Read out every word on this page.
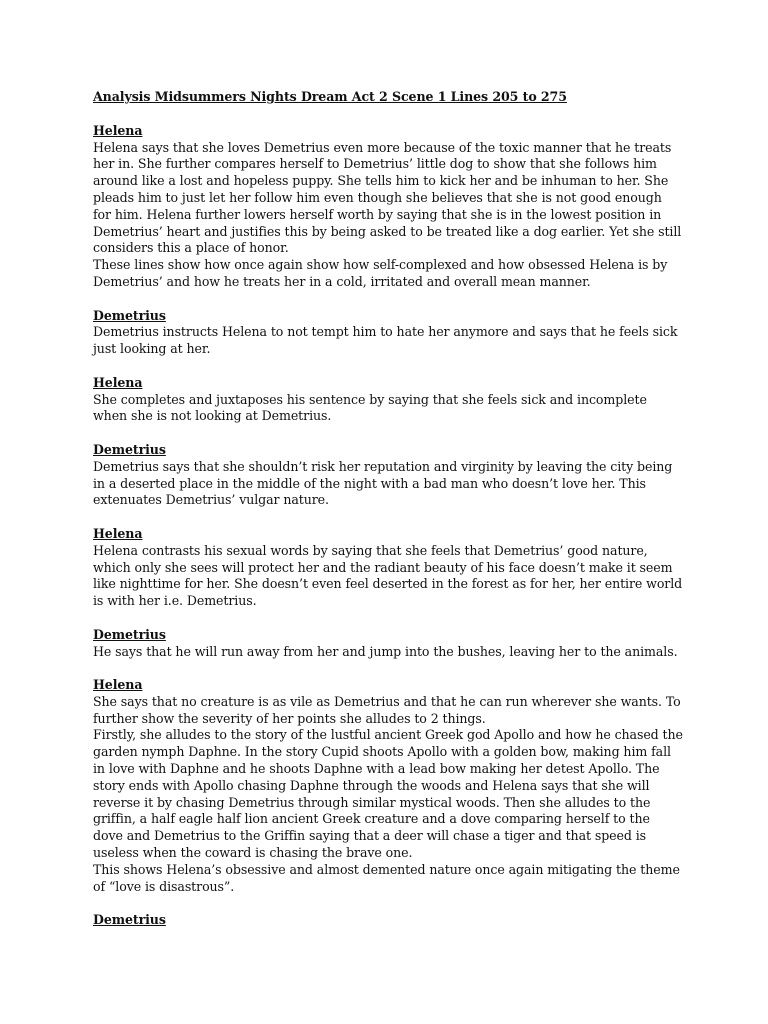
Analysis Midsummers Nights Dream Act 2 Scene 1 Lines 205 to 275
Helena

Helena says that she loves Demetrius even more because of the toxic manner that he treats her in. She further compares herself to Demetrius’ little dog to show that she follows him around like a lost and hopeless puppy. She tells him to kick her and be inhuman to her. She pleads him to just let her follow him even though she believes that she is not good enough for him. Helena further lowers herself worth by saying that she is in the lowest position in Demetrius’ heart and justifies this by being asked to be treated like a dog earlier. Yet she still considers this a place of honor.

These lines show how once again show how self-complexed and how obsessed Helena is by Demetrius’ and how he treats her in a cold, irritated and overall mean manner.

Demetrius

Demetrius instructs Helena to not tempt him to hate her anymore and says that he feels sick just looking at her.

Helena

She completes and juxtaposes his sentence by saying that she feels sick and incomplete when she is not looking at Demetrius.

Demetrius

Demetrius says that she shouldn’t risk her reputation and virginity by leaving the city being in a deserted place in the middle of the night with a bad man who doesn’t love her. This extenuates Demetrius’ vulgar nature.

Helena

Helena contrasts his sexual words by saying that she feels that Demetrius’ good nature, which only she sees will protect her and the radiant beauty of his face doesn’t make it seem like nighttime for her. She doesn’t even feel deserted in the forest as for her, her entire world is with her i.e. Demetrius.

Demetrius

He says that he will run away from her and jump into the bushes, leaving her to the animals.

Helena

She says that no creature is as vile as Demetrius and that he can run wherever she wants. To further show the severity of her points she alludes to 2 things.

Firstly, she alludes to the story of the lustful ancient Greek god Apollo and how he chased the garden nymph Daphne. In the story Cupid shoots Apollo with a golden bow, making him fall in love with Daphne and he shoots Daphne with a lead bow making her detest Apollo. The story ends with Apollo chasing Daphne through the woods and Helena says that she will reverse it by chasing Demetrius through similar mystical woods. Then she alludes to the griffin, a half eagle half lion ancient Greek creature and a dove comparing herself to the dove and Demetrius to the Griffin saying that a deer will chase a tiger and that speed is useless when the coward is chasing the brave one.

This shows Helena’s obsessive and almost demented nature once again mitigating the theme of “love is disastrous”.

Demetrius
